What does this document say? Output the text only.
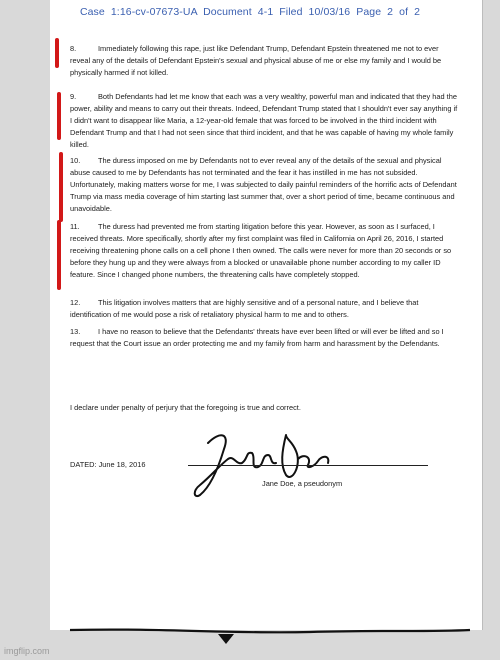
Case 1:16-cv-07673-UA Document 4-1 Filed 10/03/16 Page 2 of 2
8.	Immediately following this rape, just like Defendant Trump, Defendant Epstein threatened me not to ever reveal any of the details of Defendant Epstein's sexual and physical abuse of me or else my family and I would be physically harmed if not killed.
9.	Both Defendants had let me know that each was a very wealthy, powerful man and indicated that they had the power, ability and means to carry out their threats. Indeed, Defendant Trump stated that I shouldn't ever say anything if I didn't want to disappear like Maria, a 12-year-old female that was forced to be involved in the third incident with Defendant Trump and that I had not seen since that third incident, and that he was capable of having my whole family killed.
10. The duress imposed on me by Defendants not to ever reveal any of the details of the sexual and physical abuse caused to me by Defendants has not terminated and the fear it has instilled in me has not subsided. Unfortunately, making matters worse for me, I was subjected to daily painful reminders of the horrific acts of Defendant Trump via mass media coverage of him starting last summer that, over a short period of time, became continuous and unavoidable.
11. The duress had prevented me from starting litigation before this year. However, as soon as I surfaced, I received threats. More specifically, shortly after my first complaint was filed in California on April 26, 2016, I started receiving threatening phone calls on a cell phone I then owned. The calls were never for more than 20 seconds or so before they hung up and they were always from a blocked or unavailable phone number according to my caller ID feature. Since I changed phone numbers, the threatening calls have completely stopped.
12. This litigation involves matters that are highly sensitive and of a personal nature, and I believe that identification of me would pose a risk of retaliatory physical harm to me and to others.
13. I have no reason to believe that the Defendants' threats have ever been lifted or will ever be lifted and so I request that the Court issue an order protecting me and my family from harm and harassment by the Defendants.
I declare under penalty of perjury that the foregoing is true and correct.
DATED: June 18, 2016
Jane Doe, a pseudonym
imgflip.com
